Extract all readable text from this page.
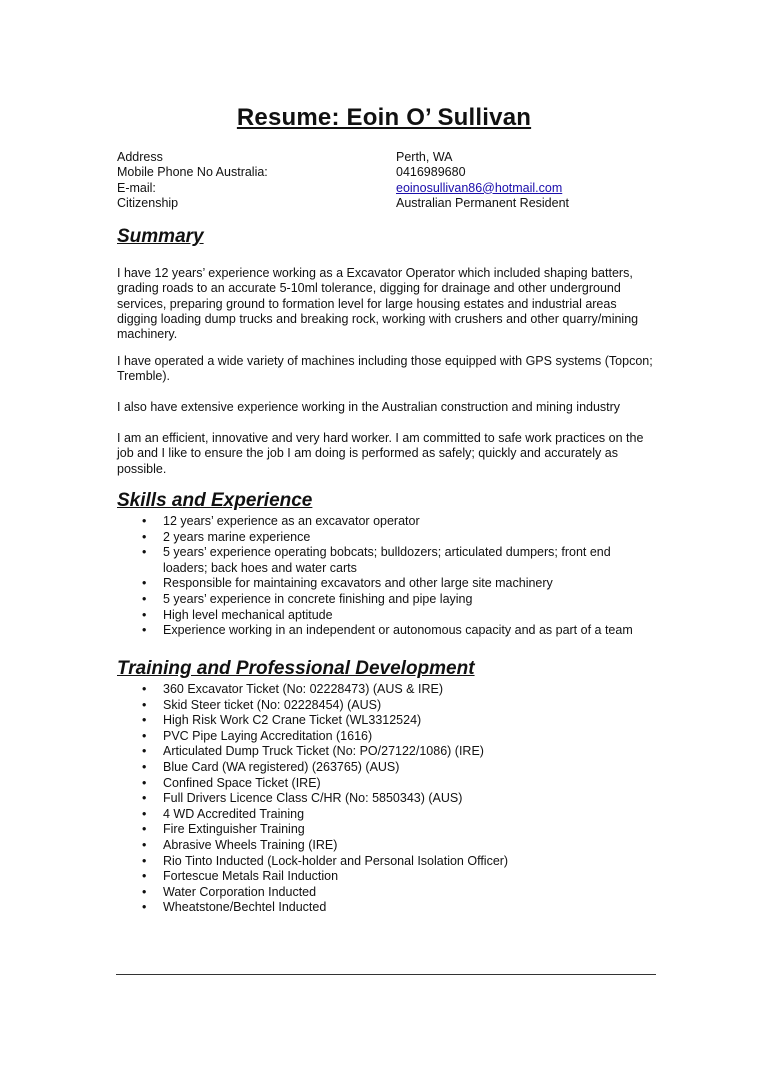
Resume: Eoin O’ Sullivan
Address	Perth, WA
Mobile Phone No Australia:	0416989680
E-mail:	eoinosullivan86@hotmail.com
Citizenship	Australian Permanent Resident
Summary

I have 12 years’ experience working as a Excavator Operator which included shaping batters, grading roads to an accurate 5-10ml tolerance, digging for drainage and other underground services, preparing ground to formation level for large housing estates and industrial areas digging loading dump trucks and breaking rock, working with crushers and other quarry/mining machinery.

I have operated a wide variety of machines including those equipped with GPS systems (Topcon; Tremble).

I also have extensive experience working in the Australian construction and mining industry

I am an efficient, innovative and very hard worker. I am committed to safe work practices on the job and I like to ensure the job I am doing is performed as safely; quickly and accurately as possible.

Skills and Experience
• 12 years’ experience as an excavator operator
• 2 years marine experience
• 5 years’ experience operating bobcats; bulldozers; articulated dumpers; front end loaders; back hoes and water carts
• Responsible for maintaining excavators and other large site machinery
• 5 years’ experience in concrete finishing and pipe laying
• High level mechanical aptitude
• Experience working in an independent or autonomous capacity and as part of a team
Training and Professional Development
• 360 Excavator Ticket (No: 02228473) (AUS & IRE)
• Skid Steer ticket (No: 02228454) (AUS)
• High Risk Work C2 Crane Ticket (WL3312524)
• PVC Pipe Laying Accreditation (1616)
• Articulated Dump Truck Ticket (No: PO/27122/1086) (IRE)
• Blue Card (WA registered) (263765) (AUS)
• Confined Space Ticket (IRE)
• Full Drivers Licence Class C/HR (No: 5850343) (AUS)
• 4 WD Accredited Training
• Fire Extinguisher Training
• Abrasive Wheels Training (IRE)
• Rio Tinto Inducted (Lock-holder and Personal Isolation Officer)
• Fortescue Metals Rail Induction
• Water Corporation Inducted
• Wheatstone/Bechtel Inducted
